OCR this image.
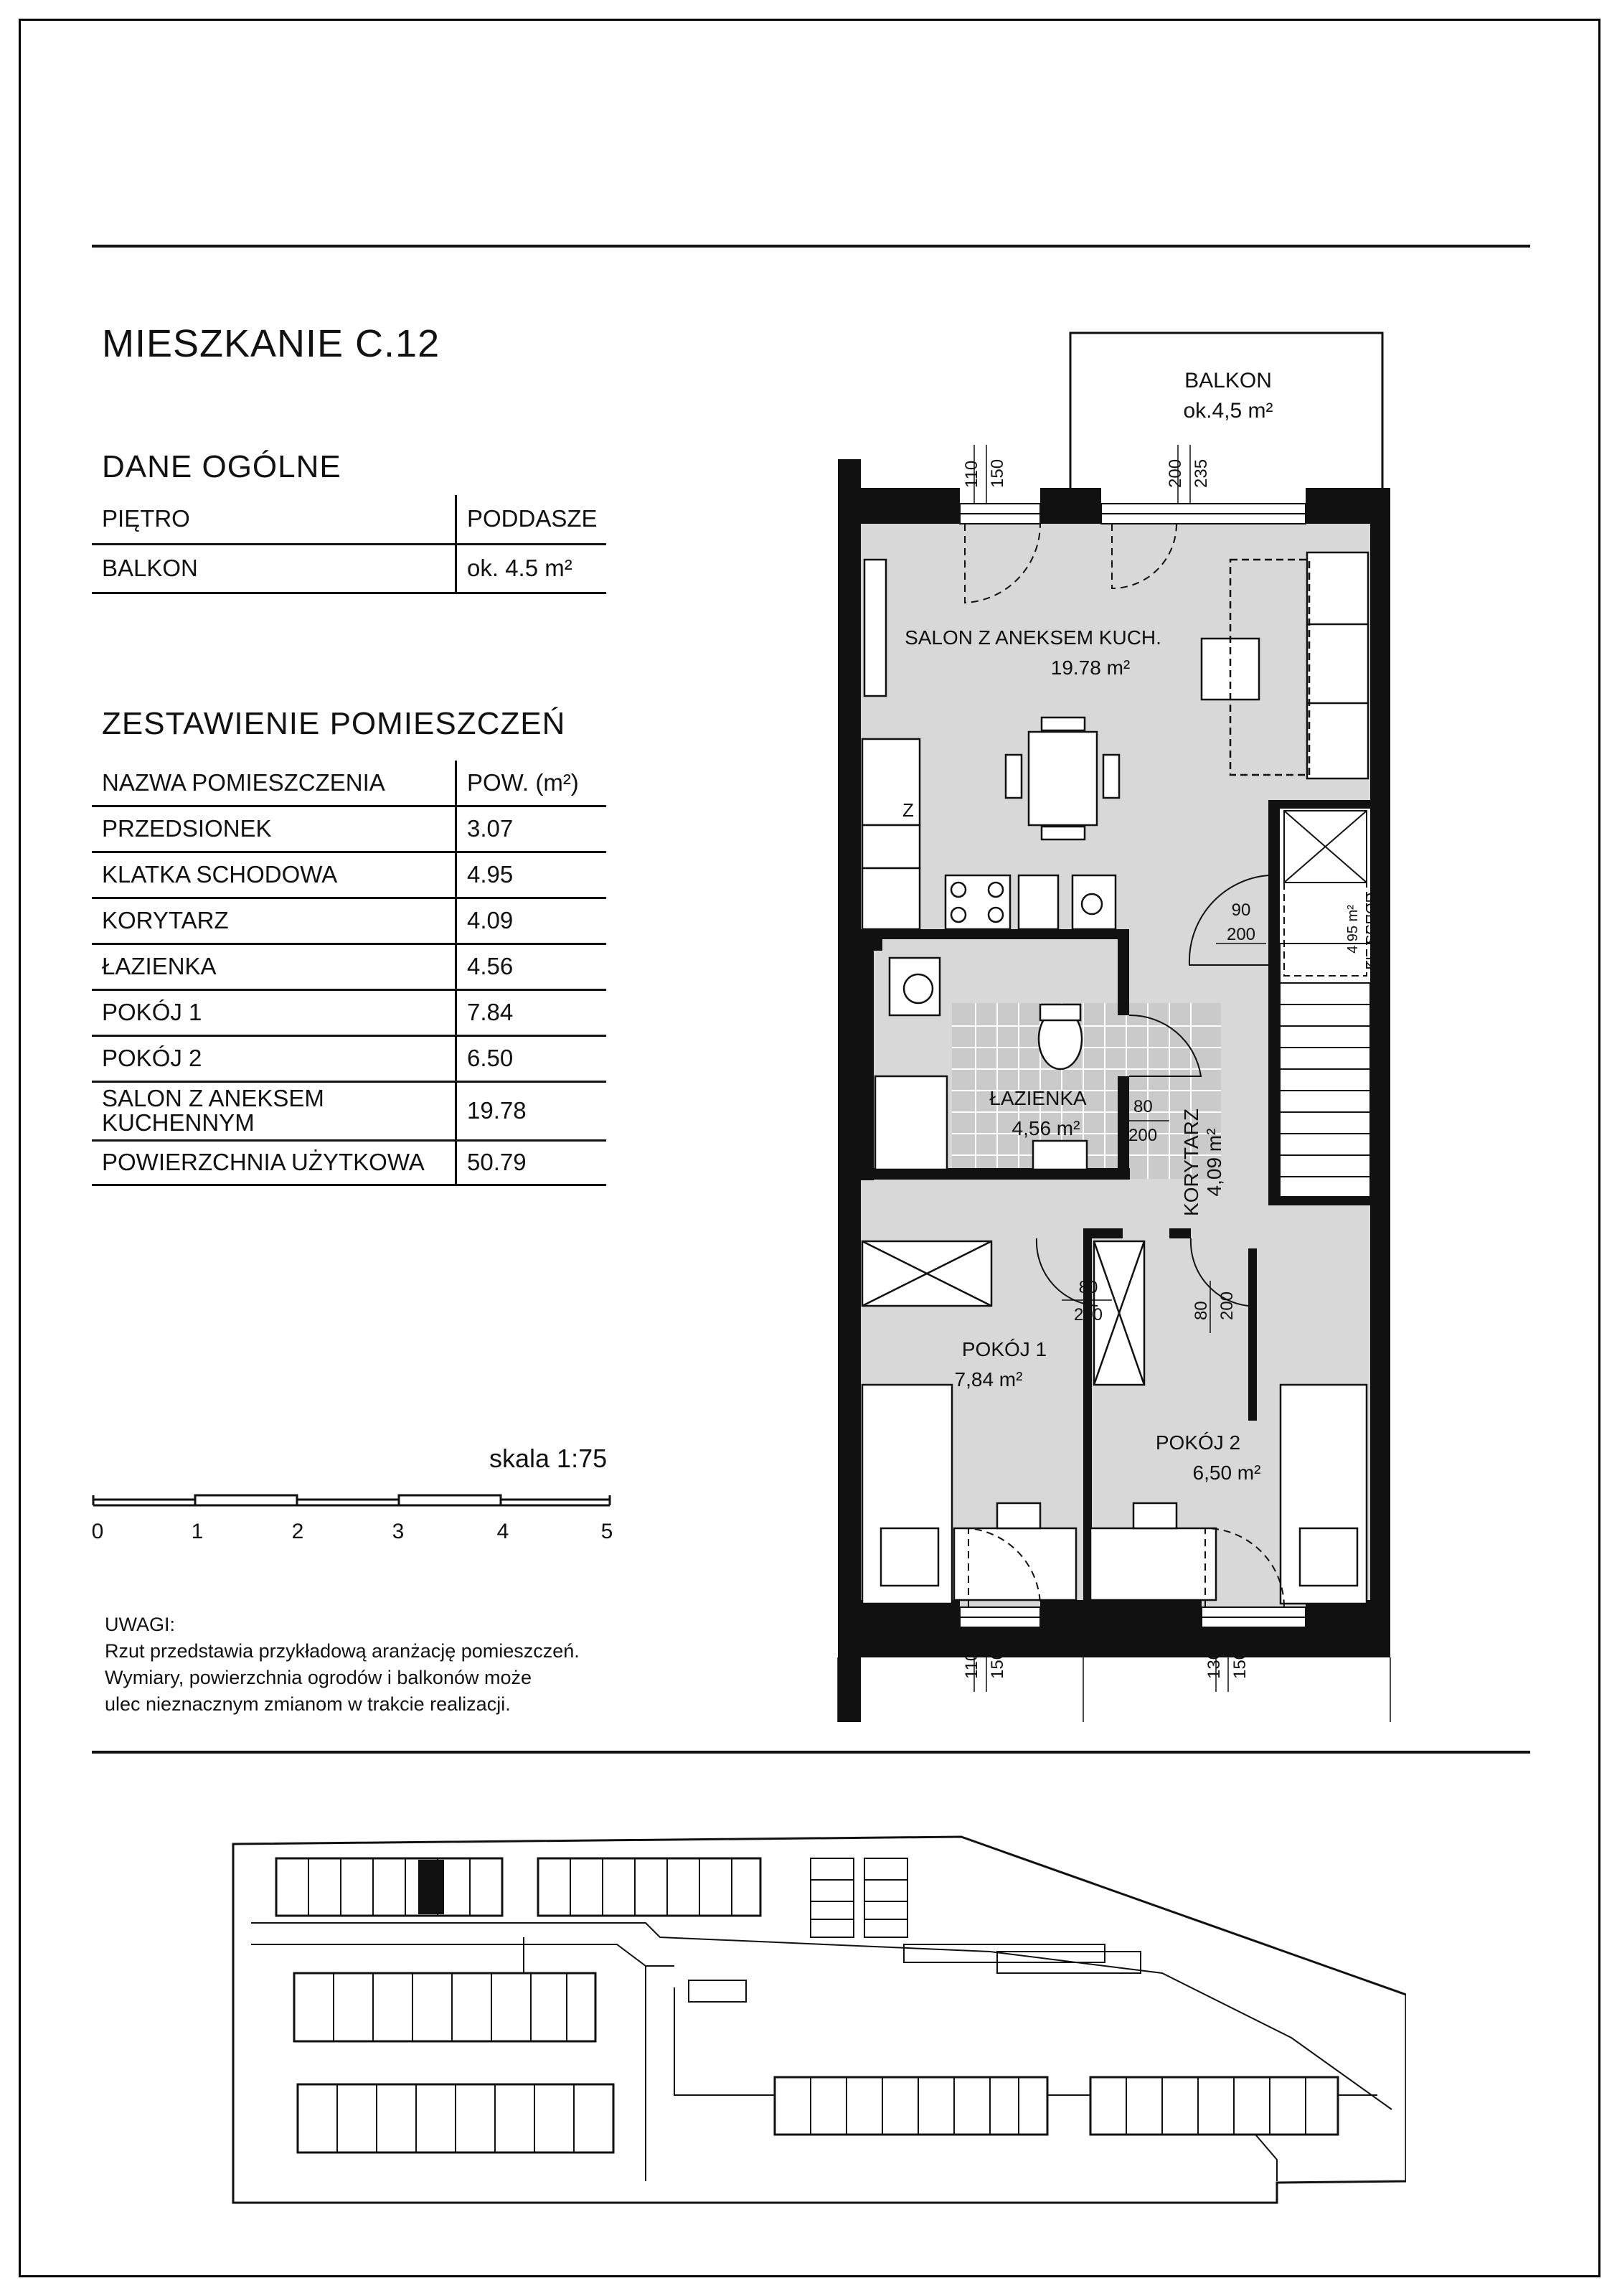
MIESZKANIE C.12
DANE OGÓLNE
PIĘTRO	PODDASZE
BALKON	ok. 4.5 m²
ZESTAWIENIE POMIESZCZEŃ
NAZWA POMIESZCZENIA	POW. (m²)
PRZEDSIONEK	3.07
KLATKA SCHODOWA	4.95
KORYTARZ	4.09
ŁAZIENKA	4.56
POKÓJ 1	7.84
POKÓJ 2	6.50
SALON Z ANEKSEM KUCHENNYM	19.78
POWIERZCHNIA UŻYTKOWA	50.79
skala 1:75
0	1	2	3	4	5
UWAGI:
Rzut przedstawia przykładową aranżację pomieszczeń.
Wymiary, powierzchnia ogrodów i balkonów może
ulec nieznacznym zmianom w trakcie realizacji.
BALKON
ok.4,5 m²
SALON Z ANEKSEM KUCH.
19.78 m²
Z
ŁAZIENKA
4,56 m²	KORYTARZ 4,09 m²
KL. SCHOD.
4,95 m²
POKÓJ 1
7,84 m²
POKÓJ 2
6,50 m²
110 150	200 235
110 150	130 150
90
200
80
200
80
200	80 200
